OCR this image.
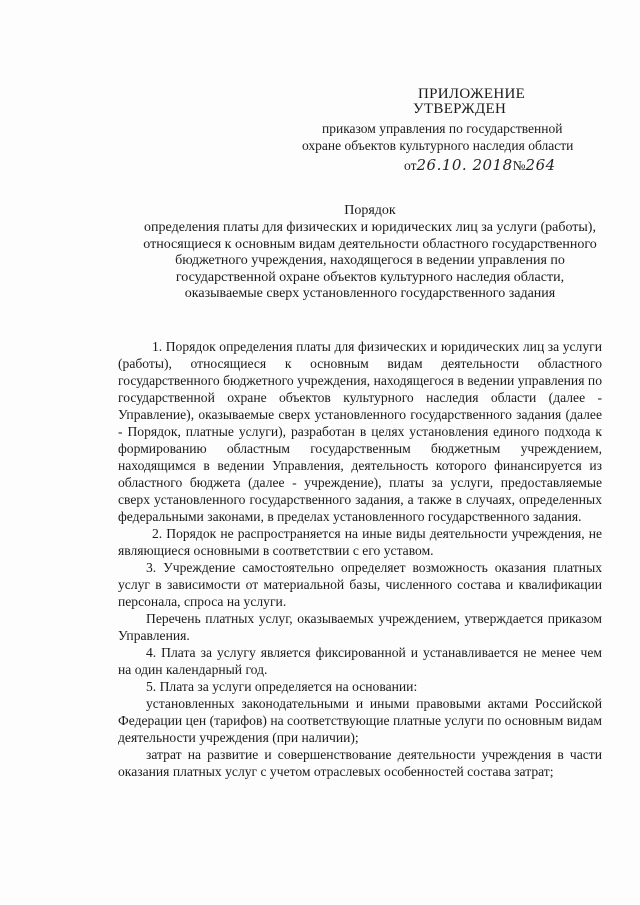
ПРИЛОЖЕНИЕ
УТВЕРЖДЕН
приказом управления по государственной
охране объектов культурного наследия области
от26.10. 2018№264
Порядок
определения платы для физических и юридических лиц за услуги (работы),
относящиеся к основным видам деятельности областного государственного
бюджетного учреждения, находящегося в ведении управления по
государственной охране объектов культурного наследия области,
оказываемые сверх установленного государственного задания

1. Порядок определения платы для физических и юридических лиц за услуги (работы), относящиеся к основным видам деятельности областного государственного бюджетного учреждения, находящегося в ведении управления по государственной охране объектов культурного наследия области (далее - Управление), оказываемые сверх установленного государственного задания (далее - Порядок, платные услуги), разработан в целях установления единого подхода к формированию областным государственным бюджетным учреждением, находящимся в ведении Управления, деятельность которого финансируется из областного бюджета (далее - учреждение), платы за услуги, предоставляемые сверх установленного государственного задания, а также в случаях, определенных федеральными законами, в пределах установленного государственного задания.

2. Порядок не распространяется на иные виды деятельности учреждения, не являющиеся основными в соответствии с его уставом.

3. Учреждение самостоятельно определяет возможность оказания платных услуг в зависимости от материальной базы, численного состава и квалификации персонала, спроса на услуги.

Перечень платных услуг, оказываемых учреждением, утверждается приказом Управления.

4. Плата за услугу является фиксированной и устанавливается не менее чем на один календарный год.

5. Плата за услуги определяется на основании:

установленных законодательными и иными правовыми актами Российской Федерации цен (тарифов) на соответствующие платные услуги по основным видам деятельности учреждения (при наличии);

затрат на развитие и совершенствование деятельности учреждения в части оказания платных услуг с учетом отраслевых особенностей состава затрат;
